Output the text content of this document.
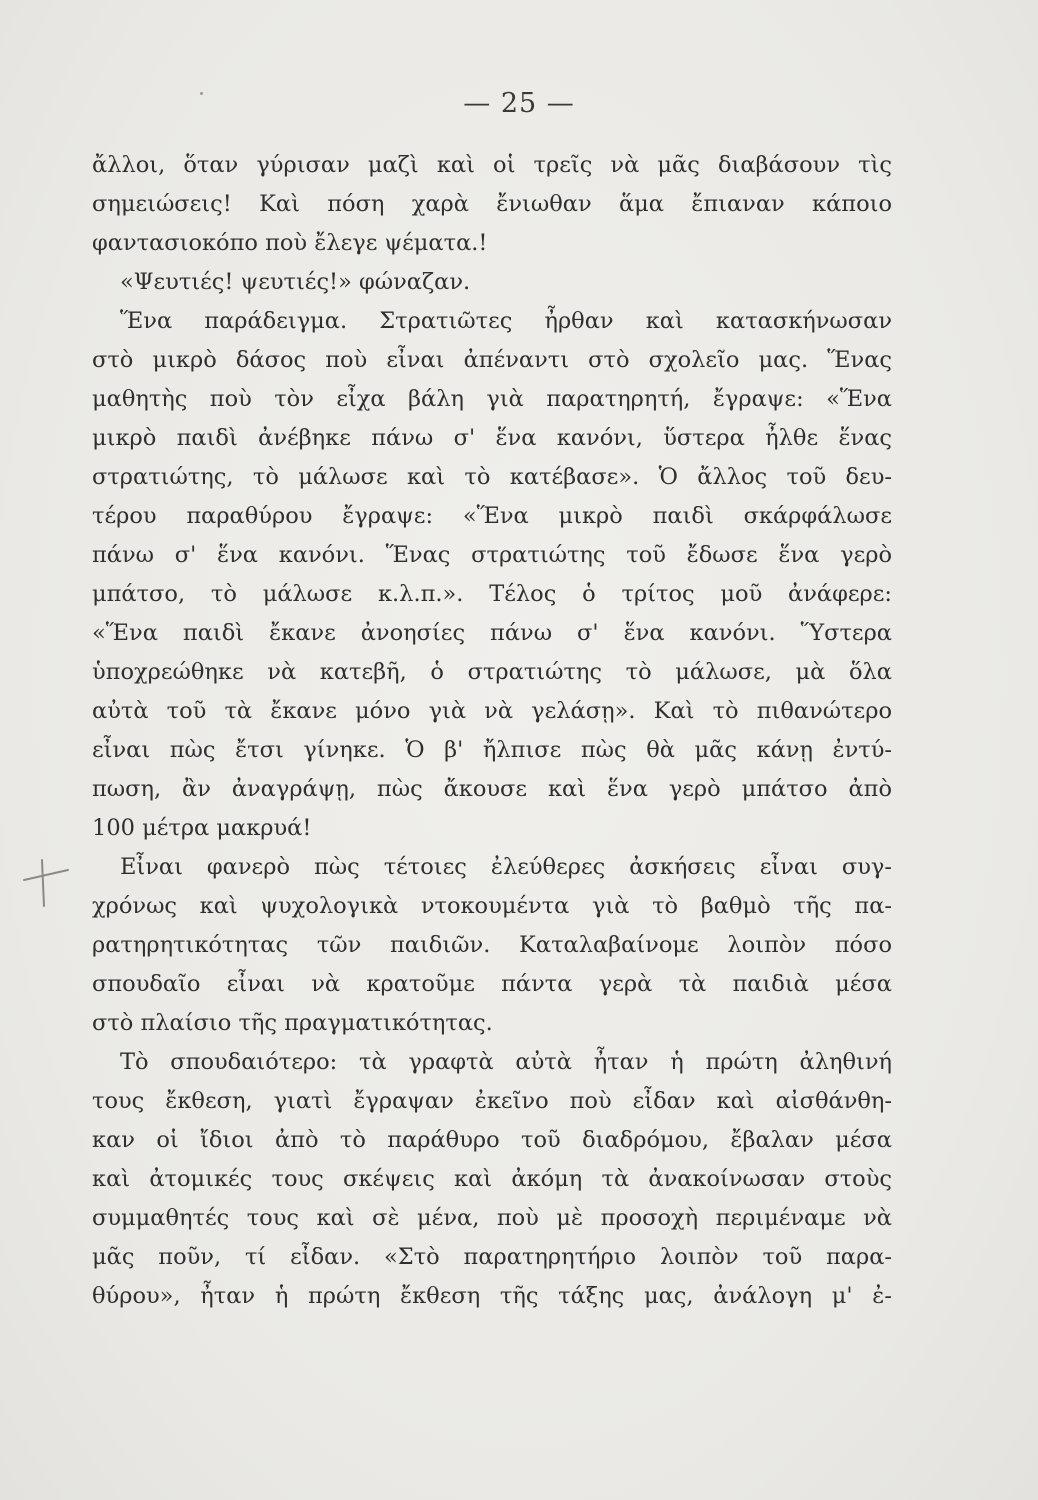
— 25 —
ἄλλοι, ὅταν γύρισαν μαζὶ καὶ οἱ τρεῖς νὰ μᾶς διαβάσουν τὶς
σημειώσεις! Καὶ πόση χαρὰ ἔνιωθαν ἅμα ἔπιαναν κάποιο
φαντασιοκόπο ποὺ ἔλεγε ψέματα.!
«Ψευτιές! ψευτιές!» φώναζαν.
Ἕνα παράδειγμα. Στρατιῶτες ἦρθαν καὶ κατασκήνωσαν
στὸ μικρὸ δάσος ποὺ εἶναι ἀπέναντι στὸ σχολεῖο μας. Ἕνας
μαθητὴς ποὺ τὸν εἶχα βάλη γιὰ παρατηρητή, ἔγραψε: «Ἕνα
μικρὸ παιδὶ ἀνέβηκε πάνω σ' ἕνα κανόνι, ὕστερα ἦλθε ἕνας
στρατιώτης, τὸ μάλωσε καὶ τὸ κατέβασε». Ὁ ἄλλος τοῦ δευ-
τέρου παραθύρου ἔγραψε: «Ἕνα μικρὸ παιδὶ σκάρφάλωσε
πάνω σ' ἕνα κανόνι. Ἕνας στρατιώτης τοῦ ἔδωσε ἕνα γερὸ
μπάτσο, τὸ μάλωσε κ.λ.π.». Τέλος ὁ τρίτος μοῦ ἀνάφερε:
«Ἕνα παιδὶ ἔκανε ἀνοησίες πάνω σ' ἕνα κανόνι. Ὕστερα
ὑποχρεώθηκε νὰ κατεβῆ, ὁ στρατιώτης τὸ μάλωσε, μὰ ὅλα
αὐτὰ τοῦ τὰ ἔκανε μόνο γιὰ νὰ γελάσῃ». Καὶ τὸ πιθανώτερο
εἶναι πὼς ἔτσι γίνηκε. Ὁ β' ἤλπισε πὼς θὰ μᾶς κάνῃ ἐντύ-
πωση, ἂν ἀναγράψῃ, πὼς ἄκουσε καὶ ἕνα γερὸ μπάτσο ἀπὸ
100 μέτρα μακρυά!
Εἶναι φανερὸ πὼς τέτοιες ἐλεύθερες ἀσκήσεις εἶναι συγ-
χρόνως καὶ ψυχολογικὰ ντοκουμέντα γιὰ τὸ βαθμὸ τῆς πα-
ρατηρητικότητας τῶν παιδιῶν. Καταλαβαίνομε λοιπὸν πόσο
σπουδαῖο εἶναι νὰ κρατοῦμε πάντα γερὰ τὰ παιδιὰ μέσα
στὸ πλαίσιο τῆς πραγματικότητας.
Τὸ σπουδαιότερο: τὰ γραφτὰ αὐτὰ ἦταν ἡ πρώτη ἀληθινή
τους ἔκθεση, γιατὶ ἔγραψαν ἐκεῖνο ποὺ εἶδαν καὶ αἰσθάνθη-
καν οἱ ἴδιοι ἀπὸ τὸ παράθυρο τοῦ διαδρόμου, ἔβαλαν μέσα
καὶ ἀτομικές τους σκέψεις καὶ ἀκόμη τὰ ἀνακοίνωσαν στοὺς
συμμαθητές τους καὶ σὲ μένα, ποὺ μὲ προσοχὴ περιμέναμε νὰ
μᾶς ποῦν, τί εἶδαν. «Στὸ παρατηρητήριο λοιπὸν τοῦ παρα-
θύρου», ἦταν ἡ πρώτη ἔκθεση τῆς τάξης μας, ἀνάλογη μ' ἐ-
